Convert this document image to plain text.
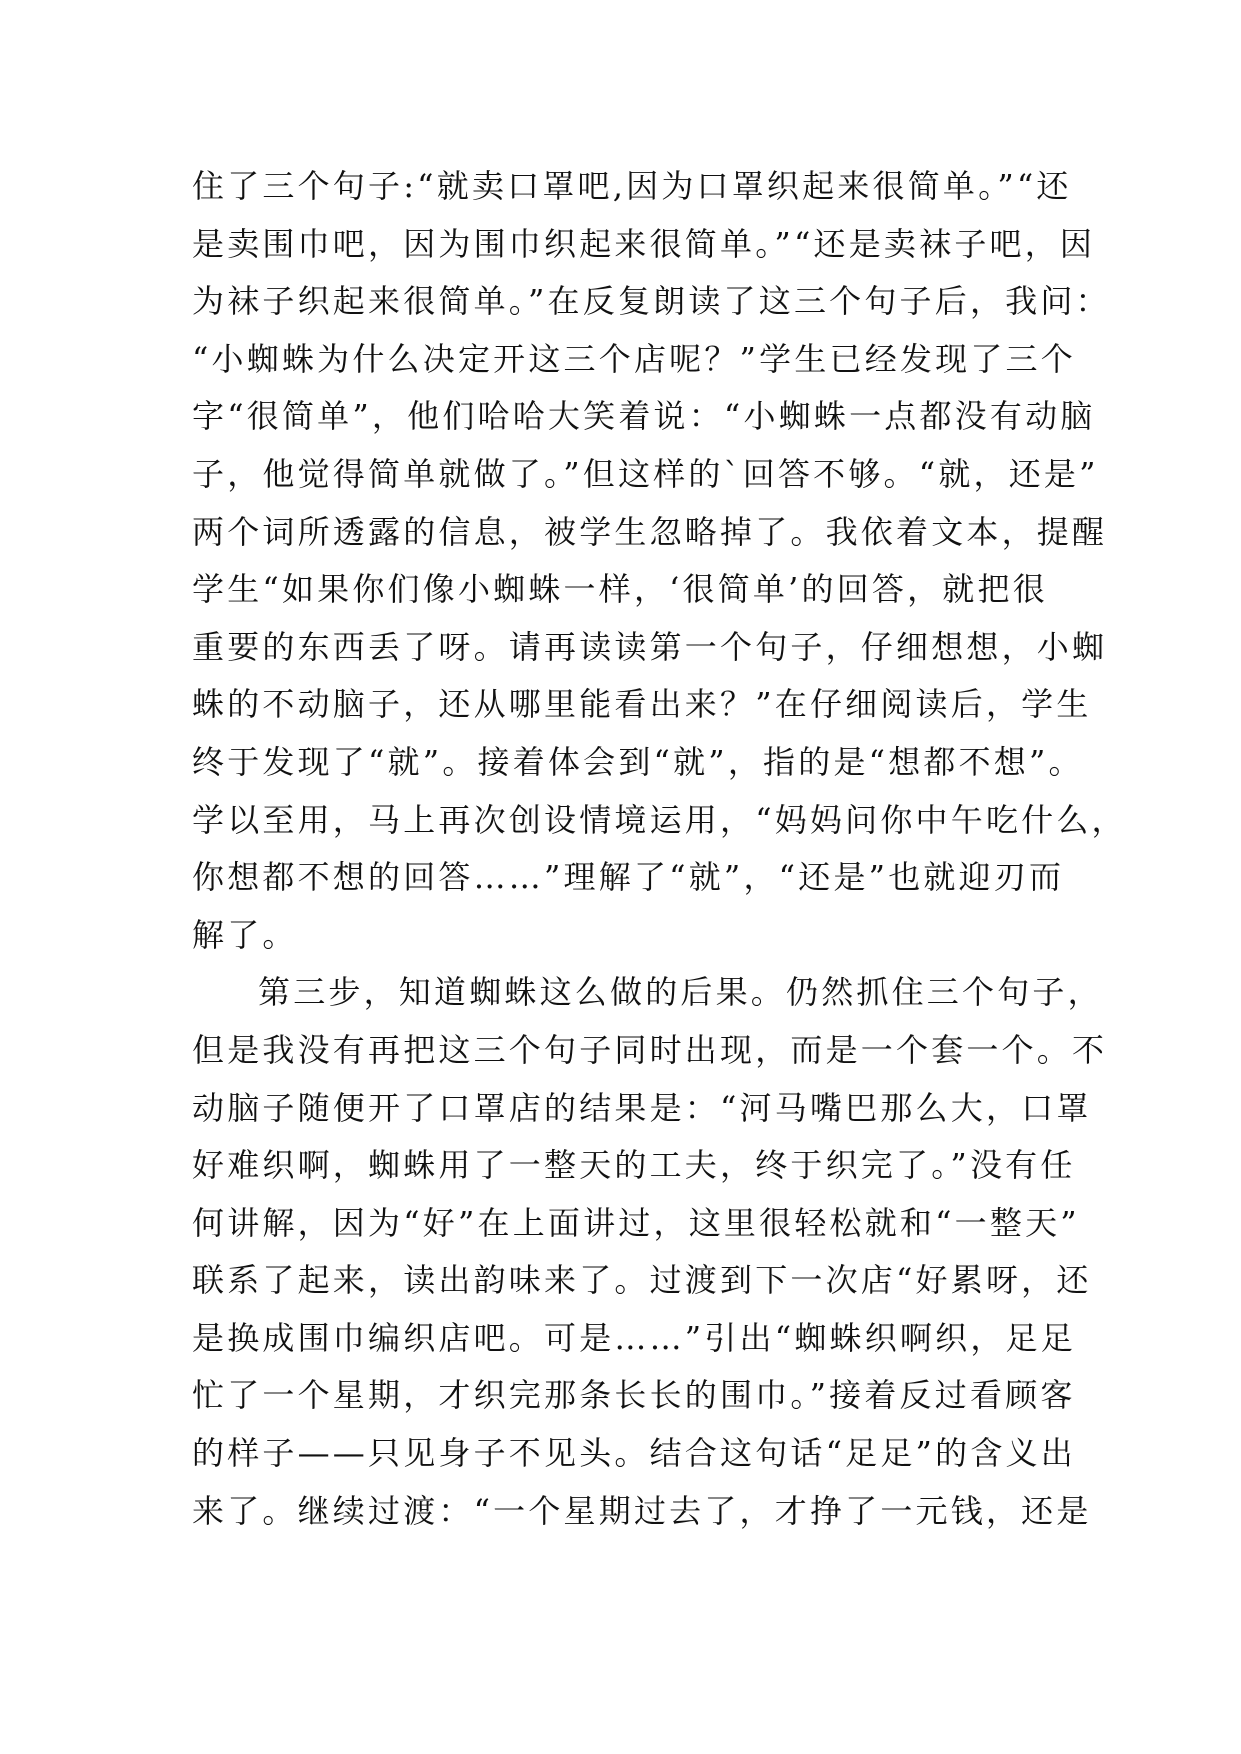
住了三个句子:“就卖口罩吧,因为口罩织起来很简单。”“还
是卖围巾吧，因为围巾织起来很简单。”“还是卖袜子吧，因
为袜子织起来很简单。”在反复朗读了这三个句子后，我问：
“小蜘蛛为什么决定开这三个店呢？”学生已经发现了三个
字“很简单”，他们哈哈大笑着说：“小蜘蛛一点都没有动脑
子，他觉得简单就做了。”但这样的`回答不够。“就，还是”
两个词所透露的信息，被学生忽略掉了。我依着文本，提醒
学生“如果你们像小蜘蛛一样，‘很简单’的回答，就把很
重要的东西丢了呀。请再读读第一个句子，仔细想想，小蜘
蛛的不动脑子，还从哪里能看出来？”在仔细阅读后，学生
终于发现了“就”。接着体会到“就”，指的是“想都不想”。
学以至用，马上再次创设情境运用，“妈妈问你中午吃什么，
你想都不想的回答……”理解了“就”，“还是”也就迎刃而
解了。
第三步，知道蜘蛛这么做的后果。仍然抓住三个句子，
但是我没有再把这三个句子同时出现，而是一个套一个。不
动脑子随便开了口罩店的结果是：“河马嘴巴那么大，口罩
好难织啊，蜘蛛用了一整天的工夫，终于织完了。”没有任
何讲解，因为“好”在上面讲过，这里很轻松就和“一整天”
联系了起来，读出韵味来了。过渡到下一次店“好累呀，还
是换成围巾编织店吧。可是……”引出“蜘蛛织啊织，足足
忙了一个星期，才织完那条长长的围巾。”接着反过看顾客
的样子——只见身子不见头。结合这句话“足足”的含义出
来了。继续过渡：“一个星期过去了，才挣了一元钱，还是
